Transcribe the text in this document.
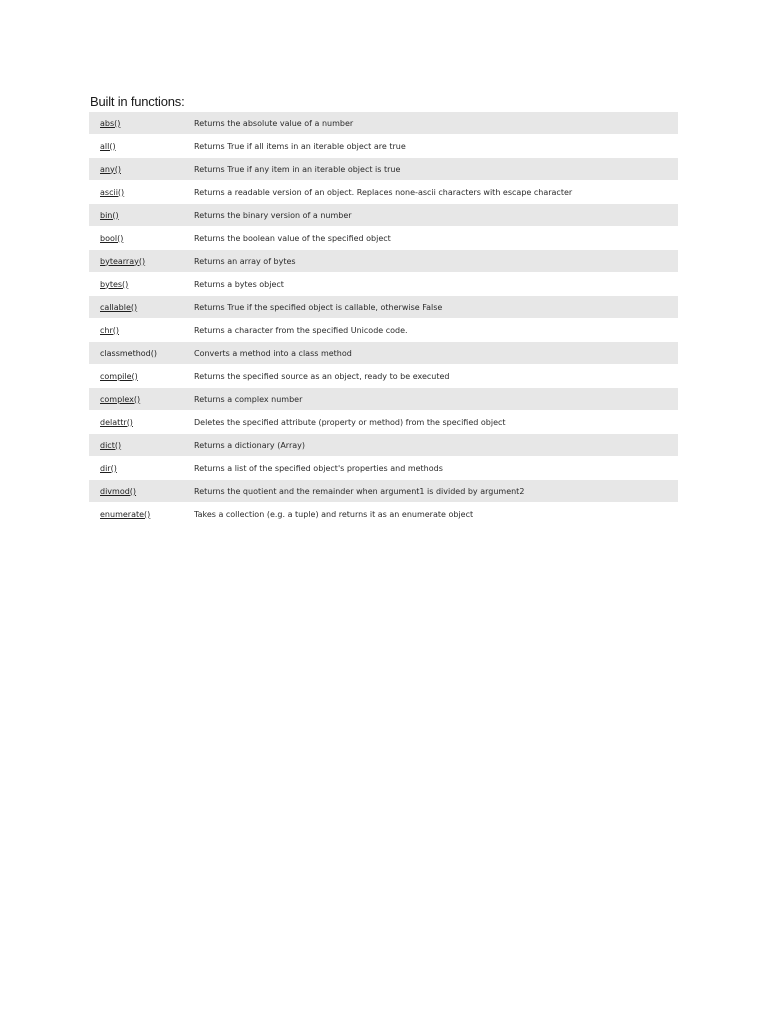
Built in functions:
abs()	Returns the absolute value of a number
all()	Returns True if all items in an iterable object are true
any()	Returns True if any item in an iterable object is true
ascii()	Returns a readable version of an object. Replaces none-ascii characters with escape character
bin()	Returns the binary version of a number
bool()	Returns the boolean value of the specified object
bytearray()	Returns an array of bytes
bytes()	Returns a bytes object
callable()	Returns True if the specified object is callable, otherwise False
chr()	Returns a character from the specified Unicode code.
classmethod()	Converts a method into a class method
compile()	Returns the specified source as an object, ready to be executed
complex()	Returns a complex number
delattr()	Deletes the specified attribute (property or method) from the specified object
dict()	Returns a dictionary (Array)
dir()	Returns a list of the specified object's properties and methods
divmod()	Returns the quotient and the remainder when argument1 is divided by argument2
enumerate()	Takes a collection (e.g. a tuple) and returns it as an enumerate object
